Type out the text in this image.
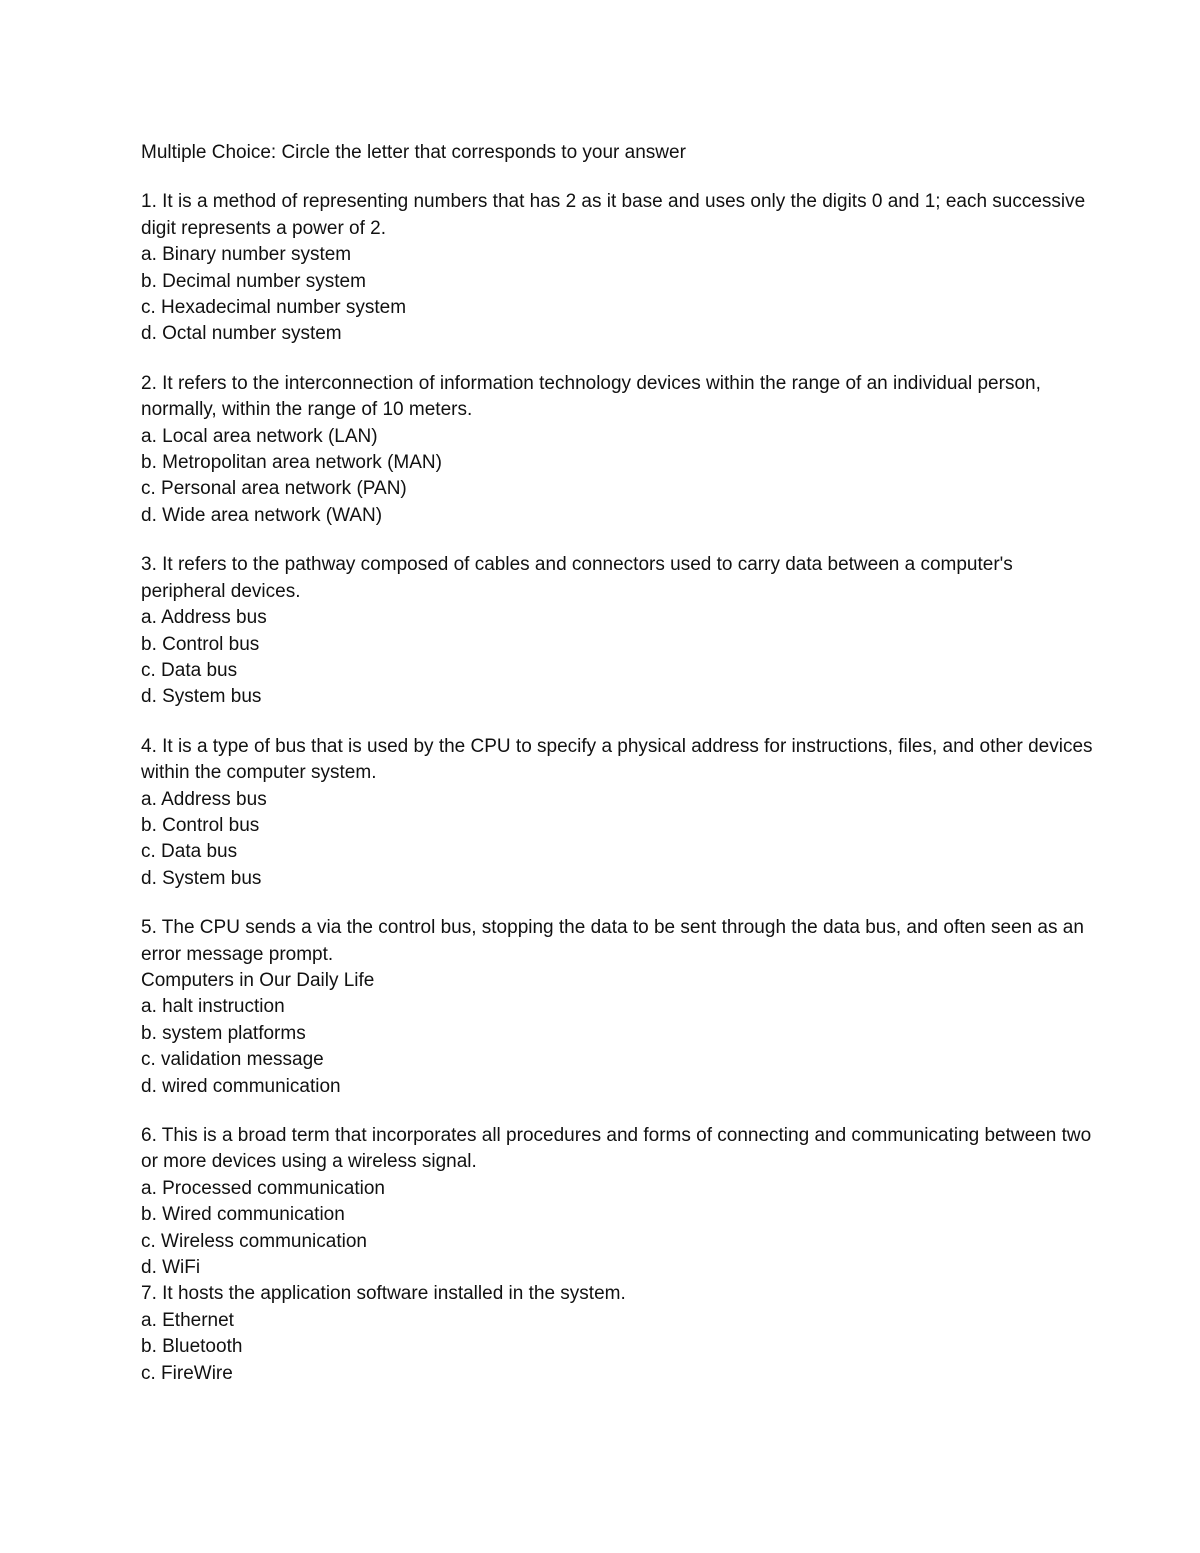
Multiple Choice: Circle the letter that corresponds to your answer

1. It is a method of representing numbers that has 2 as it base and uses only the digits 0 and 1; each successive digit represents a power of 2.

a. Binary number system
b. Decimal number system
c. Hexadecimal number system
d. Octal number system

2. It refers to the interconnection of information technology devices within the range of an individual person, normally, within the range of 10 meters.

a. Local area network (LAN)
b. Metropolitan area network (MAN)
c. Personal area network (PAN)
d. Wide area network (WAN)

3. It refers to the pathway composed of cables and connectors used to carry data between a computer's peripheral devices.

a. Address bus
b. Control bus
c. Data bus
d. System bus

4. It is a type of bus that is used by the CPU to specify a physical address for instructions, files, and other devices within the computer system.

a. Address bus
b. Control bus
c. Data bus
d. System bus

5. The CPU sends a via the control bus, stopping the data to be sent through the data bus, and often seen as an error message prompt.

Computers in Our Daily Life

a. halt instruction
b. system platforms
c. validation message
d. wired communication

6. This is a broad term that incorporates all procedures and forms of connecting and communicating between two or more devices using a wireless signal.

a. Processed communication
b. Wired communication
c. Wireless communication
d. WiFi

7. It hosts the application software installed in the system.

a. Ethernet
b. Bluetooth
c. FireWire
